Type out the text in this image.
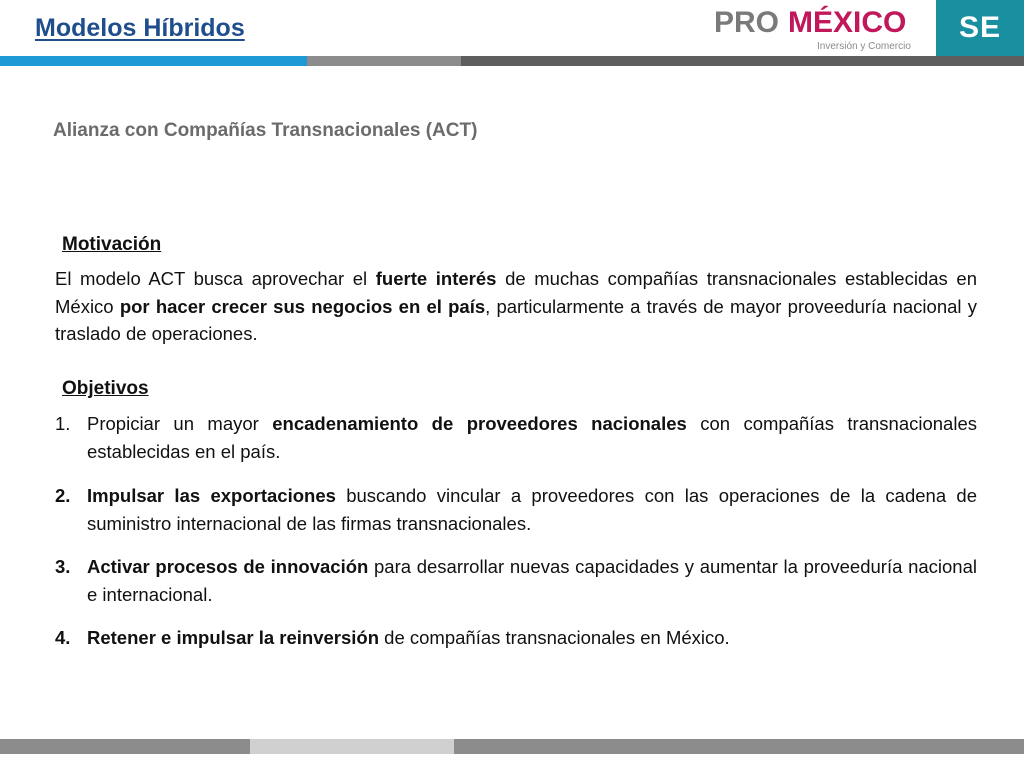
Modelos Híbridos	PRO MÉXICO
Inversión y Comercio
SE
Alianza con Compañías Transnacionales (ACT)
Motivación

El modelo ACT busca aprovechar el fuerte interés de muchas compañías transnacionales establecidas en México por hacer crecer sus negocios en el país, particularmente a través de mayor proveeduría nacional y traslado de operaciones.

Objetivos

1. Propiciar un mayor encadenamiento de proveedores nacionales con compañías transnacionales establecidas en el país.

2. Impulsar las exportaciones buscando vincular a proveedores con las operaciones de la cadena de suministro internacional de las firmas transnacionales.

3. Activar procesos de innovación para desarrollar nuevas capacidades y aumentar la proveeduría nacional e internacional.

4. Retener e impulsar la reinversión de compañías transnacionales en México.
